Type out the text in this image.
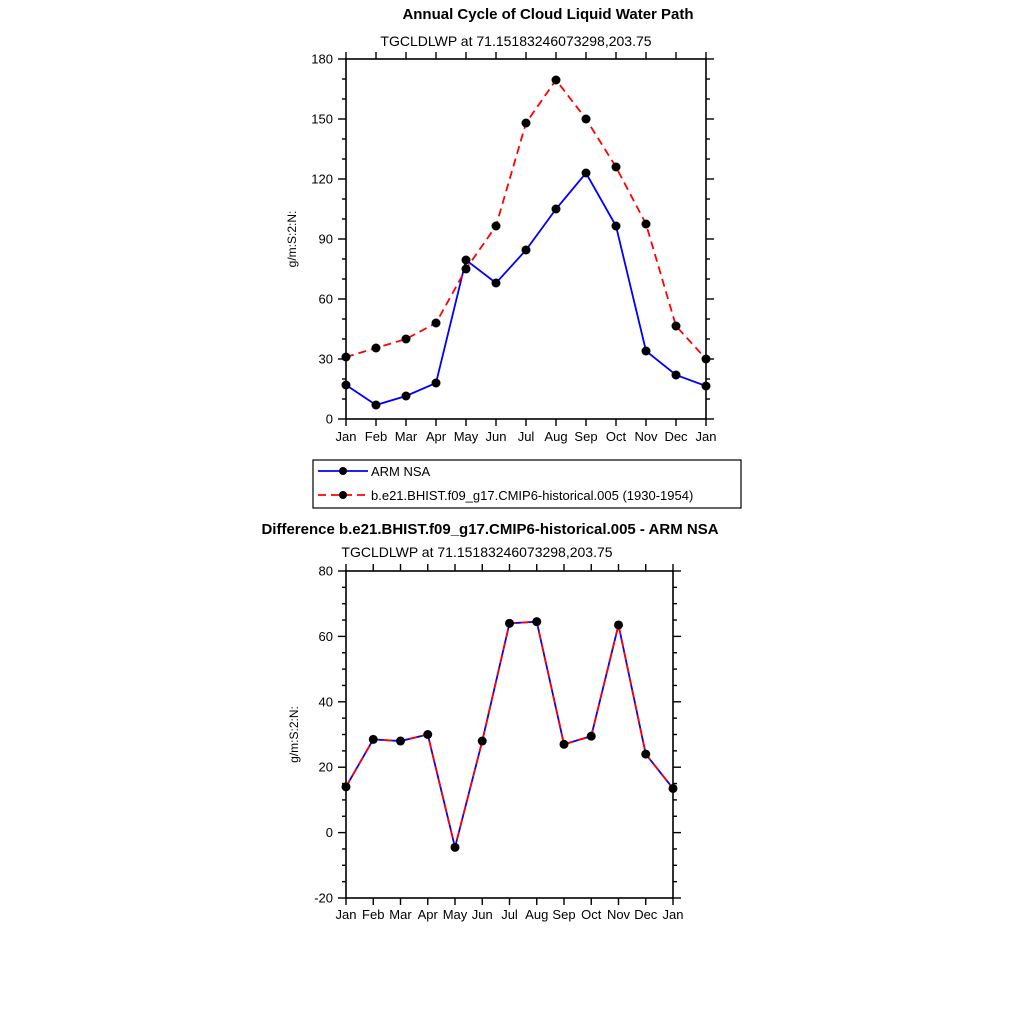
Annual Cycle of Cloud Liquid Water Path
TGCLDLWP at 71.15183246073298,203.75
0
30
60
90
120
150
180
Jan Feb Mar Apr May Jun Jul Aug Sep Oct Nov Dec Jan
g/m:S:2:N:
ARM NSA
b.e21.BHIST.f09_g17.CMIP6-historical.005 (1930-1954)
Difference b.e21.BHIST.f09_g17.CMIP6-historical.005 - ARM NSA
TGCLDLWP at 71.15183246073298,203.75
-20
0
20
40
60
80
Jan Feb Mar Apr May Jun Jul Aug Sep Oct Nov Dec Jan
g/m:S:2:N:
